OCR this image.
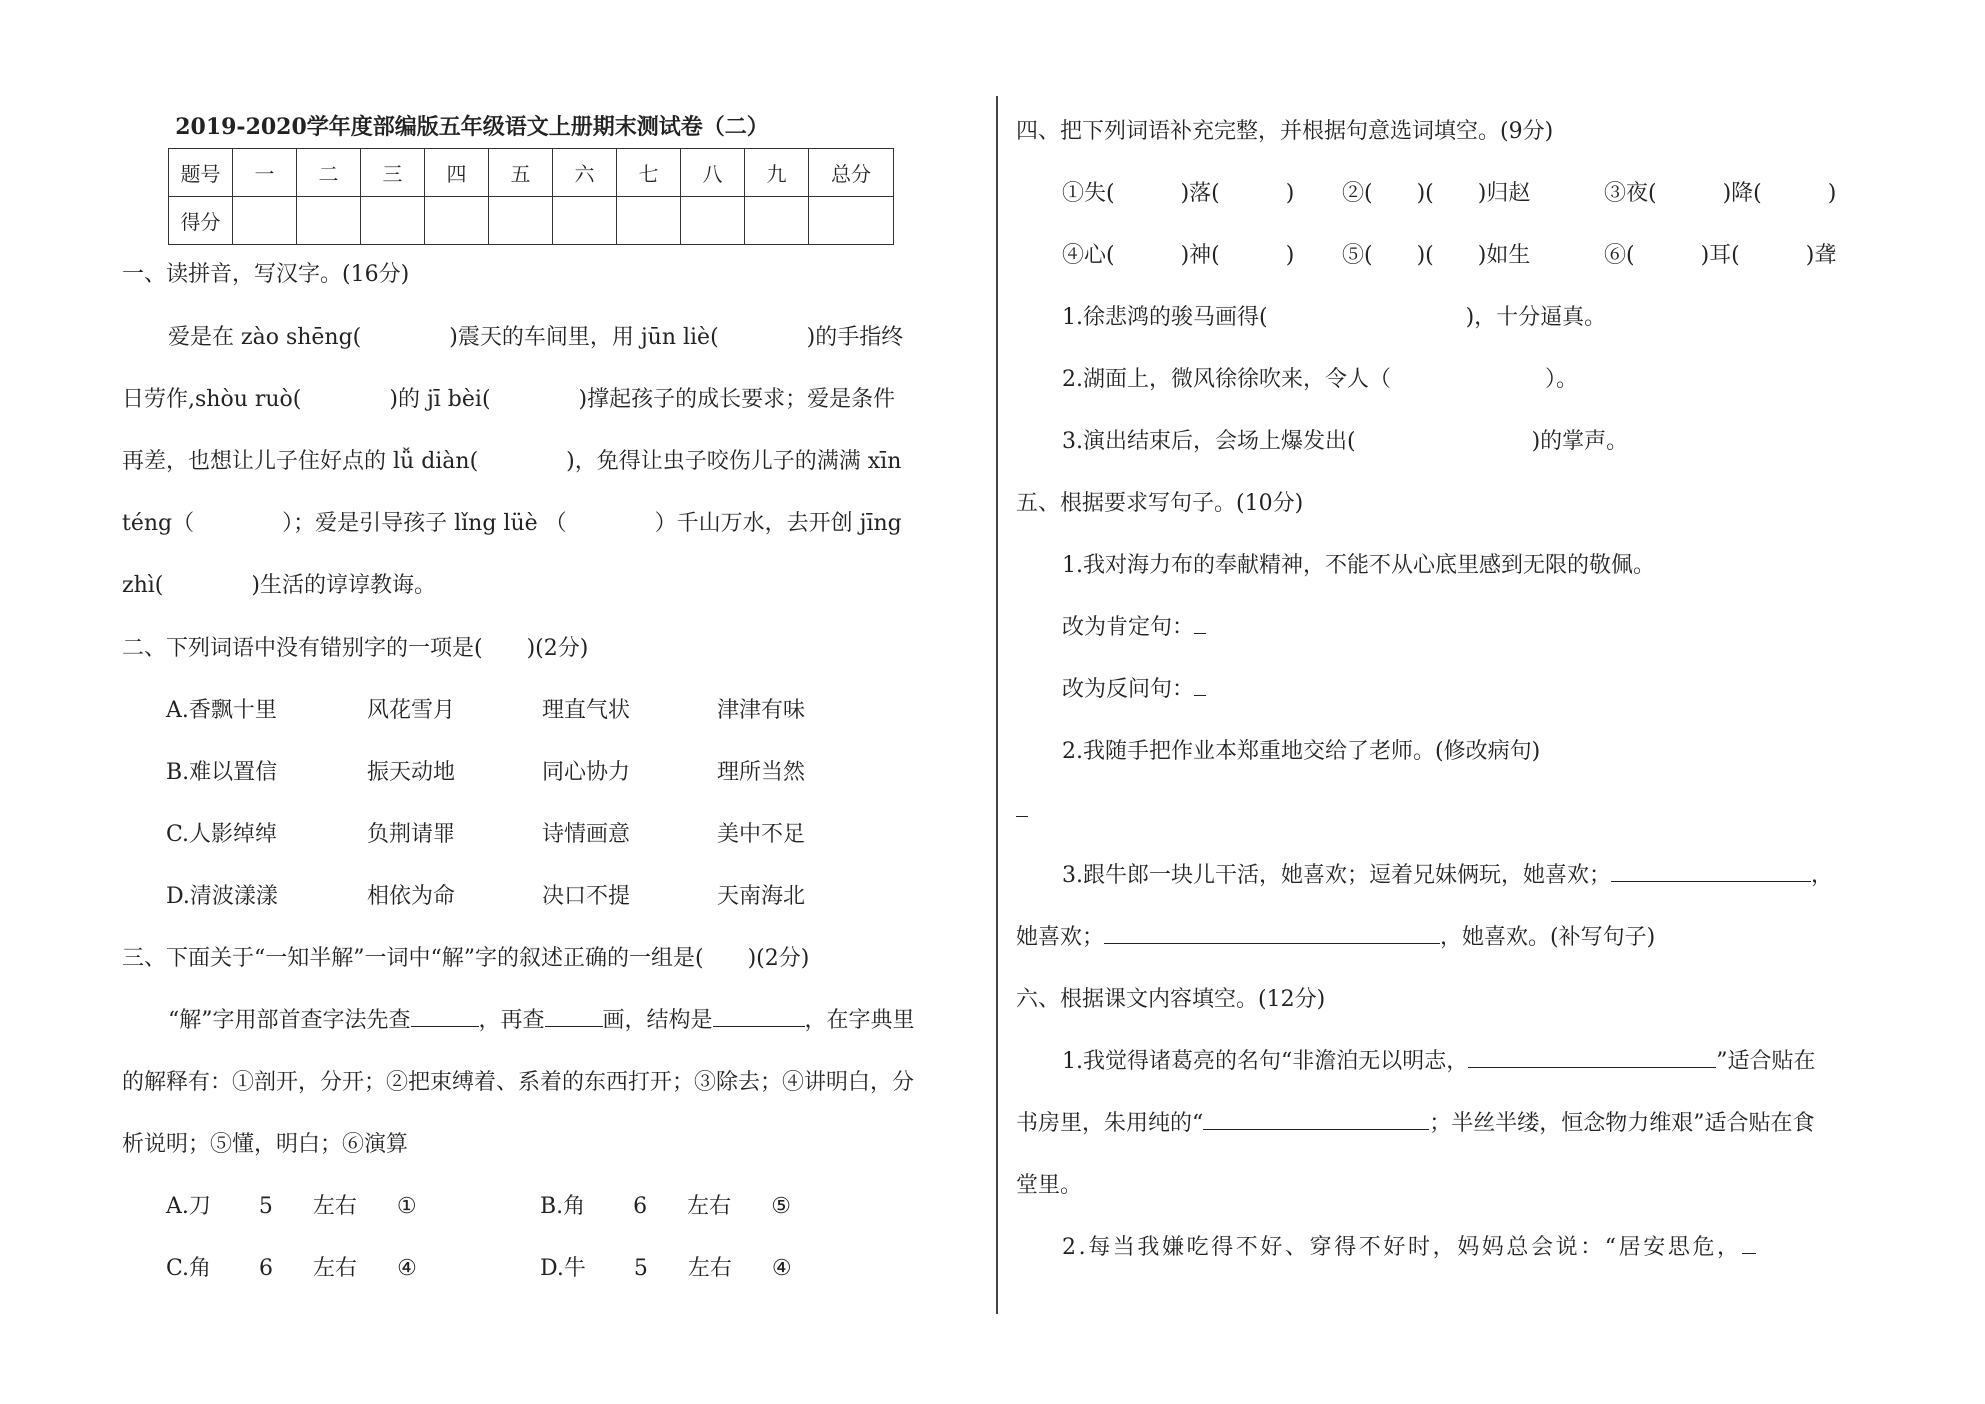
2019-2020学年度部编版五年级语文上册期末测试卷（二）
题号	一	二	三	四	五	六	七	八	九	总分
得分										
一、读拼音，写汉字。(16分)
爱是在 zào shēng(　　　　)震天的车间里，用 jūn liè(　　　　)的手指终
日劳作,shòu ruò(　　　　)的 jī bèi(　　　　)撑起孩子的成长要求；爱是条件
再差，也想让儿子住好点的 lǚ diàn(　　　　)，免得让虫子咬伤儿子的满满 xīn
téng（　　　　）；爱是引导孩子 lǐng lüè （　　　　）千山万水，去开创 jīng
zhì(　　　　)生活的谆谆教诲。
二、下列词语中没有错别字的一项是(　　)(2分)
A.香飘十里	风花雪月	理直气状	津津有味
B.难以置信	振天动地	同心协力	理所当然
C.人影绰绰	负荆请罪	诗情画意	美中不足
D.清波漾漾	相依为命	决口不提	天南海北
三、下面关于“一知半解”一词中“解”字的叙述正确的一组是(　　)(2分)
“解”字用部首查字法先查	，再查	画，结构是	，在字典里
的解释有：①剖开，分开；②把束缚着、系着的东西打开；③除去；④讲明白，分
析说明；⑤懂，明白；⑥演算
A.刀 5 左右 ①	B.角 6 左右 ⑤
C.角 6 左右 ④	D.牛 5 左右 ④
四、把下列词语补充完整，并根据句意选词填空。(9分)
①失(　　　)落(　　　) ②(　　)(　　)归赵	③夜(　　　)降(　　　)
④心(　　　)神(　　　) ⑤(　　)(　　)如生	⑥(　　　)耳(　　　)聋
1.徐悲鸿的骏马画得(　　　　　　　　　)，十分逼真。
2.湖面上，微风徐徐吹来，令人（　　　　　　　）。
3.演出结束后，会场上爆发出(　　　　　　　　)的掌声。
五、根据要求写句子。(10分)
1.我对海力布的奉献精神，不能不从心底里感到无限的敬佩。
改为肯定句：
改为反问句：
2.我随手把作业本郑重地交给了老师。(修改病句)
3.跟牛郎一块儿干活，她喜欢；逗着兄妹俩玩，她喜欢；	，
她喜欢；	，她喜欢。(补写句子)
六、根据课文内容填空。(12分)
1.我觉得诸葛亮的名句“非澹泊无以明志，	”适合贴在
书房里，朱用纯的“	；半丝半缕，恒念物力维艰”适合贴在食
堂里。
2.每当我嫌吃得不好、穿得不好时，妈妈总会说：“居安思危，
